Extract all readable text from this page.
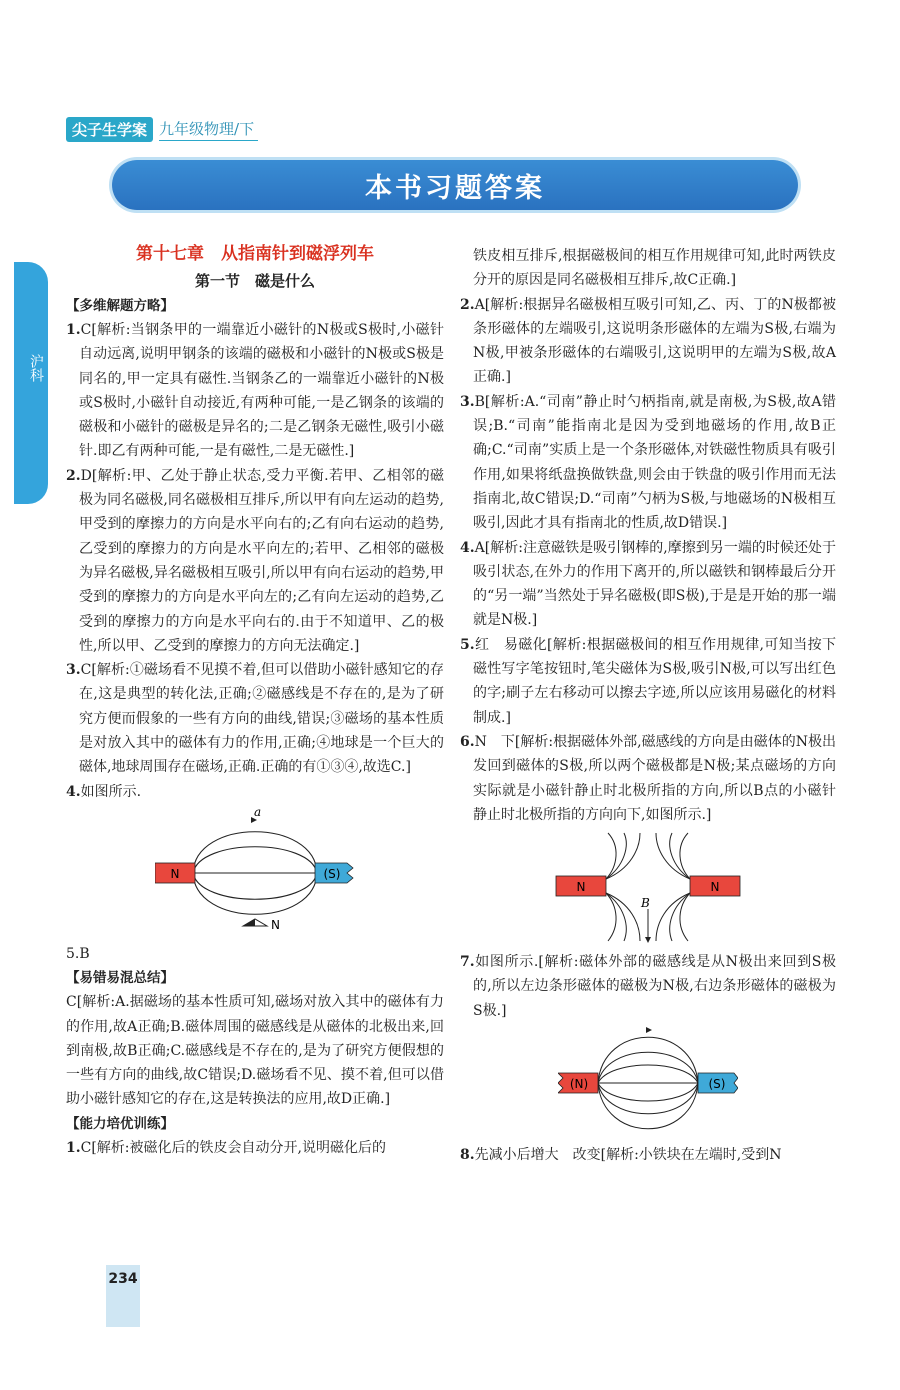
尖子生学案 九年级物理/下
本书习题答案
沪科
第十七章　从指南针到磁浮列车
第一节　磁是什么
【多维解题方略】
1.C[解析:当钢条甲的一端靠近小磁针的N极或S极时,小磁针自动远离,说明甲钢条的该端的磁极和小磁针的N极或S极是同名的,甲一定具有磁性.当钢条乙的一端靠近小磁针的N极或S极时,小磁针自动接近,有两种可能,一是乙钢条的该端的磁极和小磁针的磁极是异名的;二是乙钢条无磁性,吸引小磁针.即乙有两种可能,一是有磁性,二是无磁性.]
2.D[解析:甲、乙处于静止状态,受力平衡.若甲、乙相邻的磁极为同名磁极,同名磁极相互排斥,所以甲有向左运动的趋势,甲受到的摩擦力的方向是水平向右的;乙有向右运动的趋势,乙受到的摩擦力的方向是水平向左的;若甲、乙相邻的磁极为异名磁极,异名磁极相互吸引,所以甲有向右运动的趋势,甲受到的摩擦力的方向是水平向左的;乙有向左运动的趋势,乙受到的摩擦力的方向是水平向右的.由于不知道甲、乙的极性,所以甲、乙受到的摩擦力的方向无法确定.]
3.C[解析:①磁场看不见摸不着,但可以借助小磁针感知它的存在,这是典型的转化法,正确;②磁感线是不存在的,是为了研究方便而假象的一些有方向的曲线,错误;③磁场的基本性质是对放入其中的磁体有力的作用,正确;④地球是一个巨大的磁体,地球周围存在磁场,正确.正确的有①③④,故选C.]
4.如图所示.
N	(S)
a
N
5.B
【易错易混总结】
C[解析:A.据磁场的基本性质可知,磁场对放入其中的磁体有力的作用,故A正确;B.磁体周围的磁感线是从磁体的北极出来,回到南极,故B正确;C.磁感线是不存在的,是为了研究方便假想的一些有方向的曲线,故C错误;D.磁场看不见、摸不着,但可以借助小磁针感知它的存在,这是转换法的应用,故D正确.]
【能力培优训练】
1.C[解析:被磁化后的铁皮会自动分开,说明磁化后的
铁皮相互排斥,根据磁极间的相互作用规律可知,此时两铁皮分开的原因是同名磁极相互排斥,故C正确.]
2.A[解析:根据异名磁极相互吸引可知,乙、丙、丁的N极都被条形磁体的左端吸引,这说明条形磁体的左端为S极,右端为N极,甲被条形磁体的右端吸引,这说明甲的左端为S极,故A正确.]
3.B[解析:A.“司南”静止时勺柄指南,就是南极,为S极,故A错误;B.“司南”能指南北是因为受到地磁场的作用,故B正确;C.“司南”实质上是一个条形磁体,对铁磁性物质具有吸引作用,如果将纸盘换做铁盘,则会由于铁盘的吸引作用而无法指南北,故C错误;D.“司南”勺柄为S极,与地磁场的N极相互吸引,因此才具有指南北的性质,故D错误.]
4.A[解析:注意磁铁是吸引钢棒的,摩擦到另一端的时候还处于吸引状态,在外力的作用下离开的,所以磁铁和钢棒最后分开的“另一端”当然处于异名磁极(即S极),于是是开始的那一端就是N极.]
5.红　易磁化[解析:根据磁极间的相互作用规律,可知当按下磁性写字笔按钮时,笔尖磁体为S极,吸引N极,可以写出红色的字;刷子左右移动可以擦去字迹,所以应该用易磁化的材料制成.]
6.N　下[解析:根据磁体外部,磁感线的方向是由磁体的N极出发回到磁体的S极,所以两个磁极都是N极;某点磁场的方向实际就是小磁针静止时北极所指的方向,所以B点的小磁针静止时北极所指的方向向下,如图所示.]
N	N
B
7.如图所示.[解析:磁体外部的磁感线是从N极出来回到S极的,所以左边条形磁体的磁极为N极,右边条形磁体的磁极为S极.]
(N)	(S)
8.先减小后增大　改变[解析:小铁块在左端时,受到N
234
